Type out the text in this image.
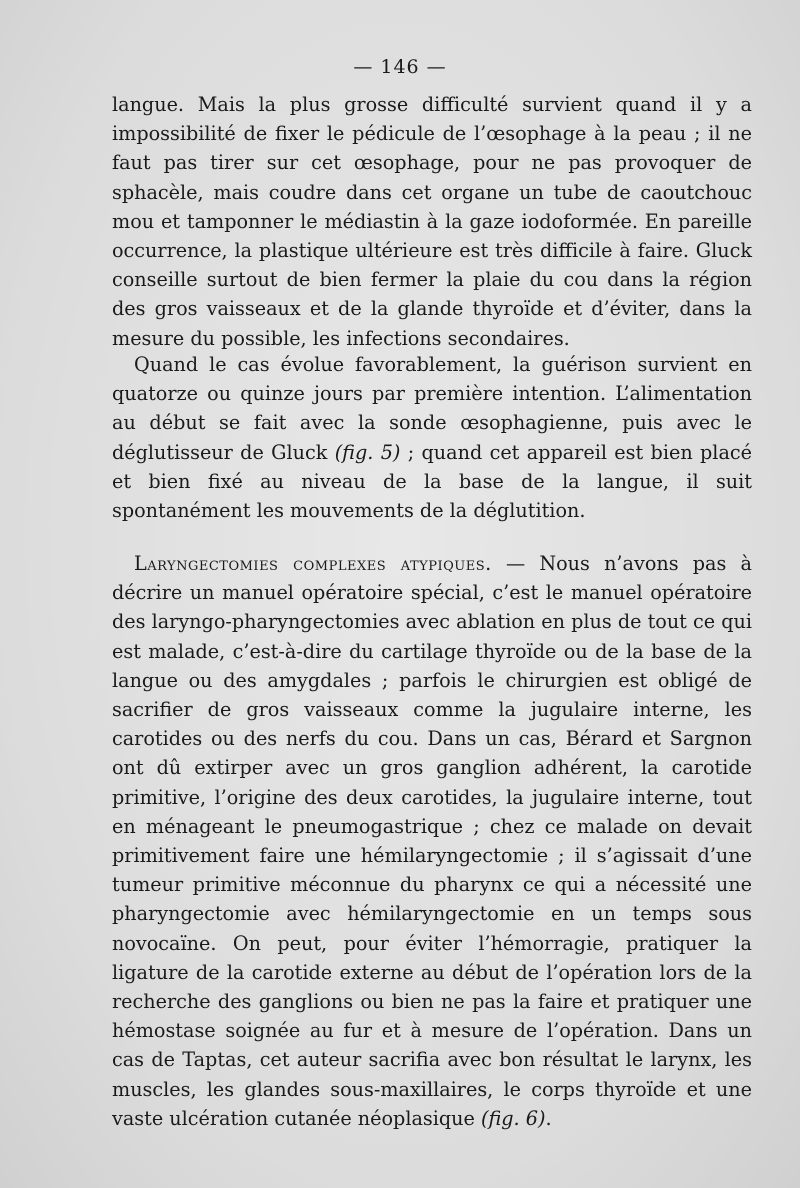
— 146 —

langue. Mais la plus grosse difficulté survient quand il y a impossibilité de fixer le pédicule de l’œsophage à la peau ; il ne faut pas tirer sur cet œsophage, pour ne pas provoquer de sphacèle, mais coudre dans cet organe un tube de caoutchouc mou et tamponner le médiastin à la gaze iodoformée. En pareille occurrence, la plastique ultérieure est très difficile à faire. Gluck conseille surtout de bien fermer la plaie du cou dans la région des gros vaisseaux et de la glande thyroïde et d’éviter, dans la mesure du possible, les infections secondaires.

Quand le cas évolue favorablement, la guérison survient en quatorze ou quinze jours par première intention. L’alimentation au début se fait avec la sonde œsophagienne, puis avec le déglutisseur de Gluck (fig. 5) ; quand cet appareil est bien placé et bien fixé au niveau de la base de la langue, il suit spontanément les mouvements de la déglutition.

Laryngectomies complexes atypiques. — Nous n’avons pas à décrire un manuel opératoire spécial, c’est le manuel opératoire des laryngo-pharyngectomies avec ablation en plus de tout ce qui est malade, c’est-à-dire du cartilage thyroïde ou de la base de la langue ou des amygdales ; parfois le chirurgien est obligé de sacrifier de gros vaisseaux comme la jugulaire interne, les carotides ou des nerfs du cou. Dans un cas, Bérard et Sargnon ont dû extirper avec un gros ganglion adhérent, la carotide primitive, l’origine des deux carotides, la jugulaire interne, tout en ménageant le pneumogastrique ; chez ce malade on devait primitivement faire une hémilaryngectomie ; il s’agissait d’une tumeur primitive méconnue du pharynx ce qui a nécessité une pharyngectomie avec hémilaryngectomie en un temps sous novocaïne. On peut, pour éviter l’hémorragie, pratiquer la ligature de la carotide externe au début de l’opération lors de la recherche des ganglions ou bien ne pas la faire et pratiquer une hémostase soignée au fur et à mesure de l’opération. Dans un cas de Taptas, cet auteur sacrifia avec bon résultat le larynx, les muscles, les glandes sous-maxillaires, le corps thyroïde et une vaste ulcération cutanée néoplasique (fig. 6).
